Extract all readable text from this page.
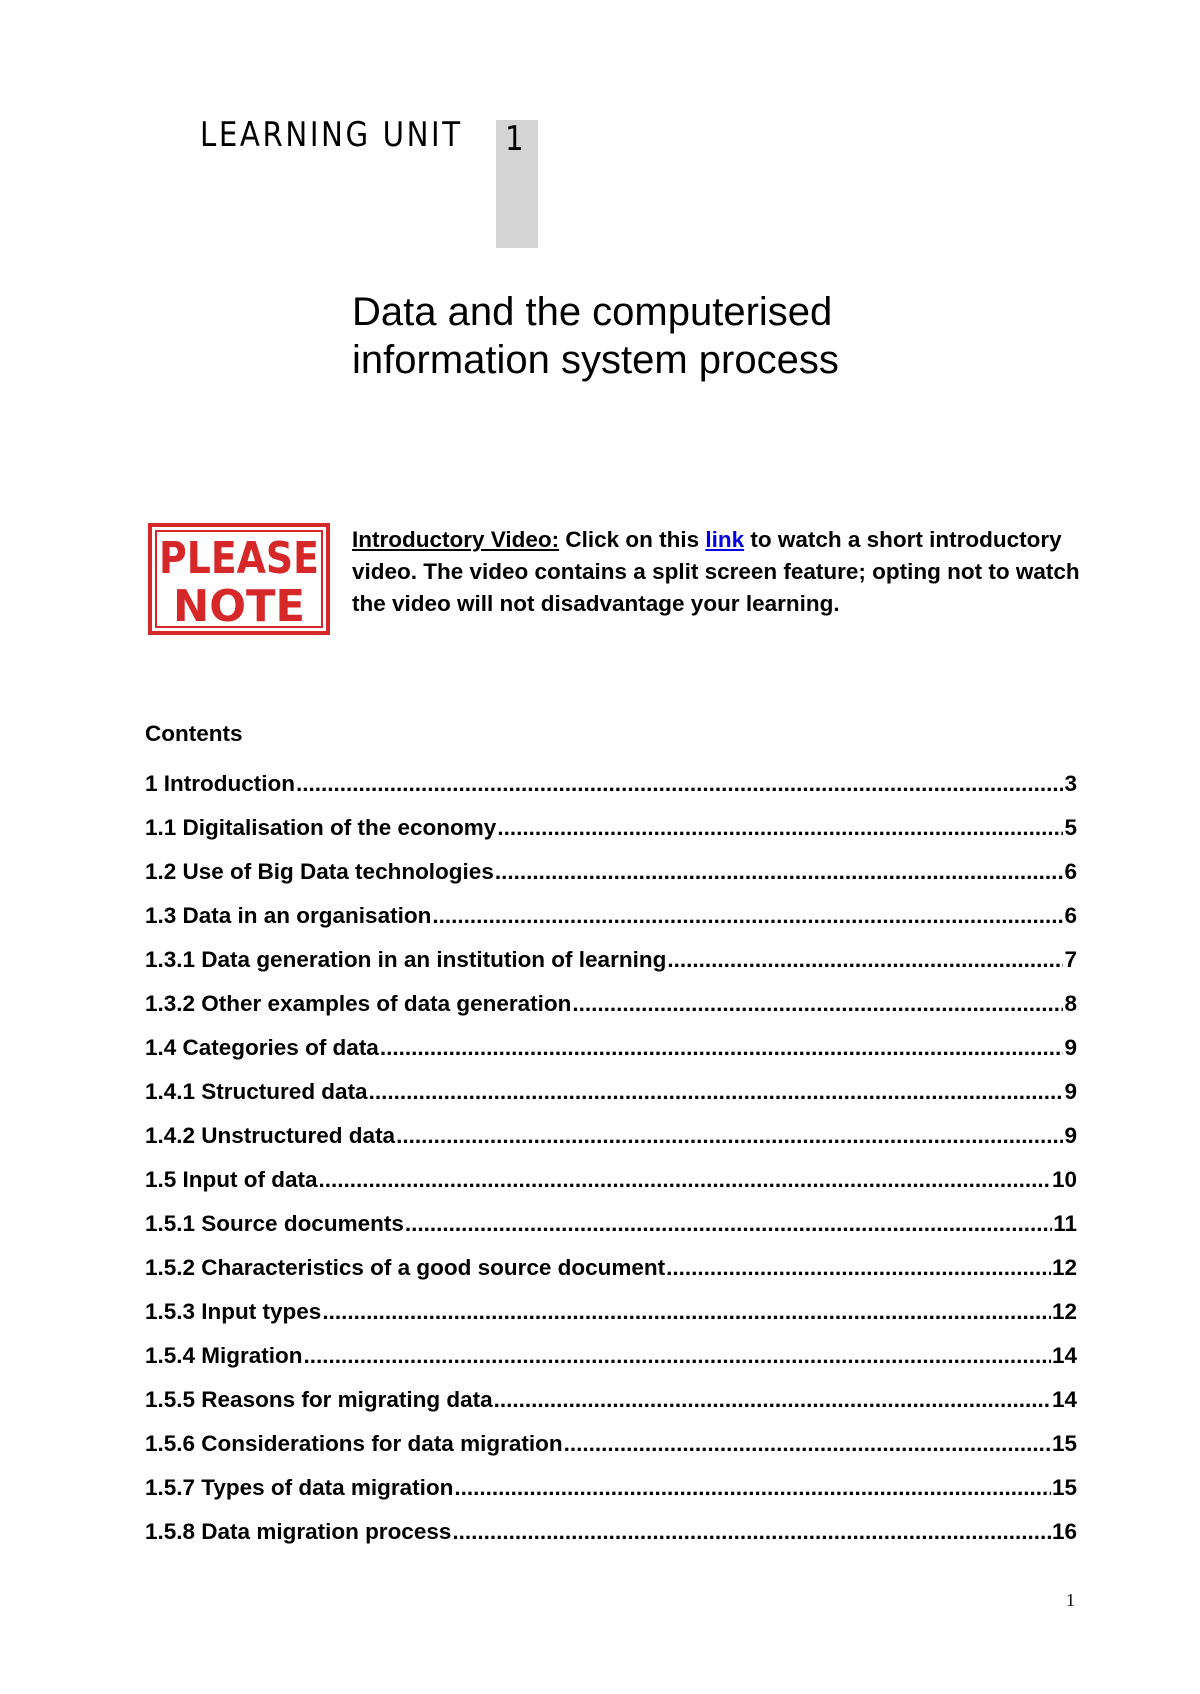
LEARNING UNIT 1
Data and the computerised
information system process
PLEASE
NOTE

Introductory Video: Click on this link to watch a short introductory video. The video contains a split screen feature; opting not to watch the video will not disadvantage your learning.

Contents
1 Introduction .....	3
1.1 Digitalisation of the economy .....	5
1.2 Use of Big Data technologies .....	6
1.3 Data in an organisation .....	6
1.3.1 Data generation in an institution of learning .....	7
1.3.2 Other examples of data generation .....	8
1.4 Categories of data .....	9
1.4.1 Structured data .....	9
1.4.2 Unstructured data .....	9
1.5 Input of data .....	10
1.5.1 Source documents .....	11
1.5.2 Characteristics of a good source document .....	12
1.5.3 Input types .....	12
1.5.4 Migration .....	14
1.5.5 Reasons for migrating data .....	14
1.5.6 Considerations for data migration .....	15
1.5.7 Types of data migration .....	15
1.5.8 Data migration process .....	16
1
